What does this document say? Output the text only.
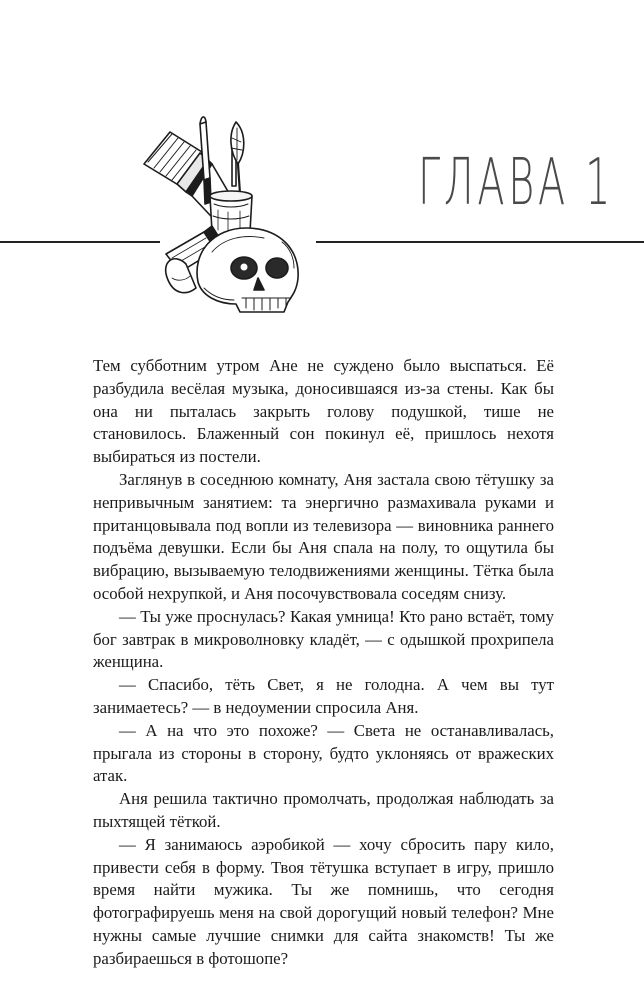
ГЛАВА 1

Тем субботним утром Ане не суждено было выспаться. Её разбудила весёлая музыка, доносившаяся из-за стены. Как бы она ни пыталась закрыть голову подушкой, тише не становилось. Блаженный сон покинул её, пришлось нехотя выбираться из постели.

Заглянув в соседнюю комнату, Аня застала свою тётушку за непривычным занятием: та энергично размахивала руками и пританцовывала под вопли из телевизора — виновника раннего подъёма девушки. Если бы Аня спала на полу, то ощутила бы вибрацию, вызываемую телодвижениями женщины. Тётка была особой нехрупкой, и Аня посочувствовала соседям снизу.

— Ты уже проснулась? Какая умница! Кто рано встаёт, тому бог завтрак в микроволновку кладёт, — с одышкой прохрипела женщина.

— Спасибо, тёть Свет, я не голодна. А чем вы тут занимаетесь? — в недоумении спросила Аня.

— А на что это похоже? — Света не останавливалась, прыгала из стороны в сторону, будто уклоняясь от вражеских атак.

Аня решила тактично промолчать, продолжая наблюдать за пыхтящей тёткой.

— Я занимаюсь аэробикой — хочу сбросить пару кило, привести себя в форму. Твоя тётушка вступает в игру, пришло время найти мужика. Ты же помнишь, что сегодня фотографируешь меня на свой дорогущий новый телефон? Мне нужны самые лучшие снимки для сайта знакомств! Ты же разбираешься в фотошопе?
